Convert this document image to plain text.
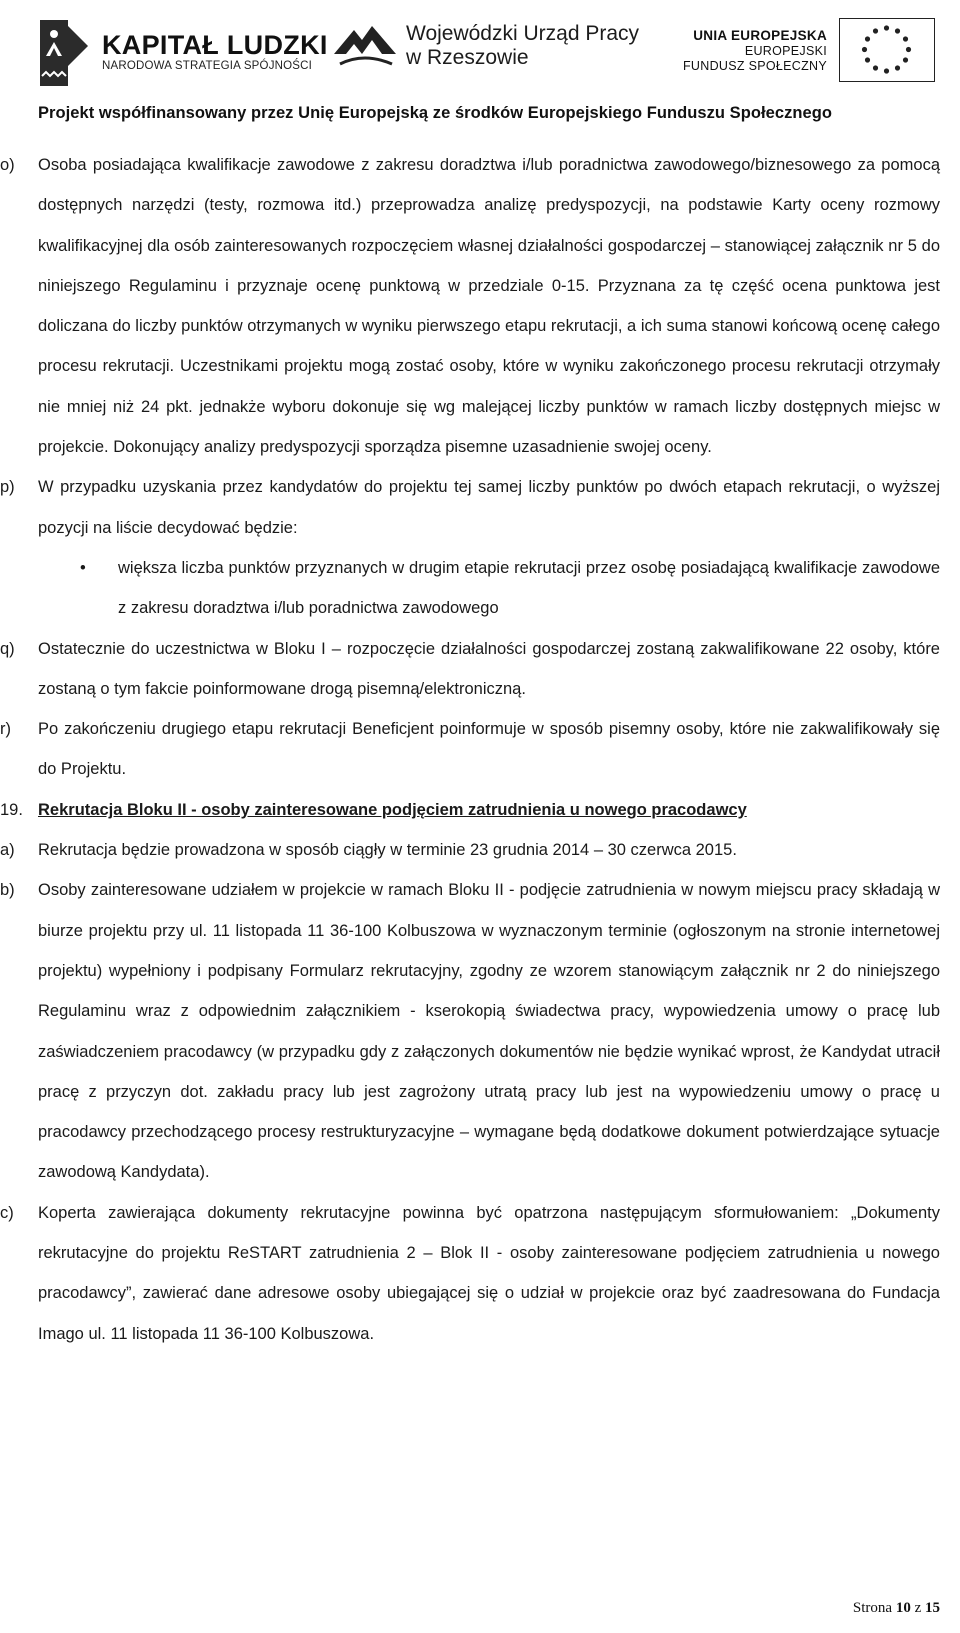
KAPITAŁ LUDZKI
NARODOWA STRATEGIA SPÓJNOŚCI
Wojewódzki Urząd Pracy
w Rzeszowie
UNIA EUROPEJSKA
EUROPEJSKI
FUNDUSZ SPOŁECZNY
Projekt współfinansowany przez Unię Europejską ze środków Europejskiego Funduszu Społecznego
o) Osoba posiadająca kwalifikacje zawodowe z zakresu doradztwa i/lub poradnictwa zawodowego/biznesowego za pomocą dostępnych narzędzi (testy, rozmowa itd.) przeprowadza analizę predyspozycji, na podstawie Karty oceny rozmowy kwalifikacyjnej dla osób zainteresowanych rozpoczęciem własnej działalności gospodarczej – stanowiącej załącznik nr 5 do niniejszego Regulaminu i przyznaje ocenę punktową w przedziale 0-15. Przyznana za tę część ocena punktowa jest doliczana do liczby punktów otrzymanych w wyniku pierwszego etapu rekrutacji, a ich suma stanowi końcową ocenę całego procesu rekrutacji. Uczestnikami projektu mogą zostać osoby, które w wyniku zakończonego procesu rekrutacji otrzymały nie mniej niż 24 pkt. jednakże wyboru dokonuje się wg malejącej liczby punktów w ramach liczby dostępnych miejsc w projekcie. Dokonujący analizy predyspozycji sporządza pisemne uzasadnienie swojej oceny.
p) W przypadku uzyskania przez kandydatów do projektu tej samej liczby punktów po dwóch etapach rekrutacji, o wyższej pozycji na liście decydować będzie:
• większa liczba punktów przyznanych w drugim etapie rekrutacji przez osobę posiadającą kwalifikacje zawodowe z zakresu doradztwa i/lub poradnictwa zawodowego
q) Ostatecznie do uczestnictwa w Bloku I – rozpoczęcie działalności gospodarczej zostaną zakwalifikowane 22 osoby, które zostaną o tym fakcie poinformowane drogą pisemną/elektroniczną.
r) Po zakończeniu drugiego etapu rekrutacji Beneficjent poinformuje w sposób pisemny osoby, które nie zakwalifikowały się do Projektu.
19. Rekrutacja Bloku II - osoby zainteresowane podjęciem zatrudnienia u nowego pracodawcy
a) Rekrutacja będzie prowadzona w sposób ciągły w terminie 23 grudnia 2014 – 30 czerwca 2015.
b) Osoby zainteresowane udziałem w projekcie w ramach Bloku II - podjęcie zatrudnienia w nowym miejscu pracy składają w biurze projektu przy ul. 11 listopada 11 36-100 Kolbuszowa w wyznaczonym terminie (ogłoszonym na stronie internetowej projektu) wypełniony i podpisany Formularz rekrutacyjny, zgodny ze wzorem stanowiącym załącznik nr 2 do niniejszego Regulaminu wraz z odpowiednim załącznikiem - kserokopią świadectwa pracy, wypowiedzenia umowy o pracę lub zaświadczeniem pracodawcy (w przypadku gdy z załączonych dokumentów nie będzie wynikać wprost, że Kandydat utracił pracę z przyczyn dot. zakładu pracy lub jest zagrożony utratą pracy lub jest na wypowiedzeniu umowy o pracę u pracodawcy przechodzącego procesy restrukturyzacyjne – wymagane będą dodatkowe dokument potwierdzające sytuacje zawodową Kandydata).
c) Koperta zawierająca dokumenty rekrutacyjne powinna być opatrzona następującym sformułowaniem: „Dokumenty rekrutacyjne do projektu ReSTART zatrudnienia 2 – Blok II - osoby zainteresowane podjęciem zatrudnienia u nowego pracodawcy”, zawierać dane adresowe osoby ubiegającej się o udział w projekcie oraz być zaadresowana do Fundacja Imago ul. 11 listopada 11 36-100 Kolbuszowa.
Strona 10 z 15
